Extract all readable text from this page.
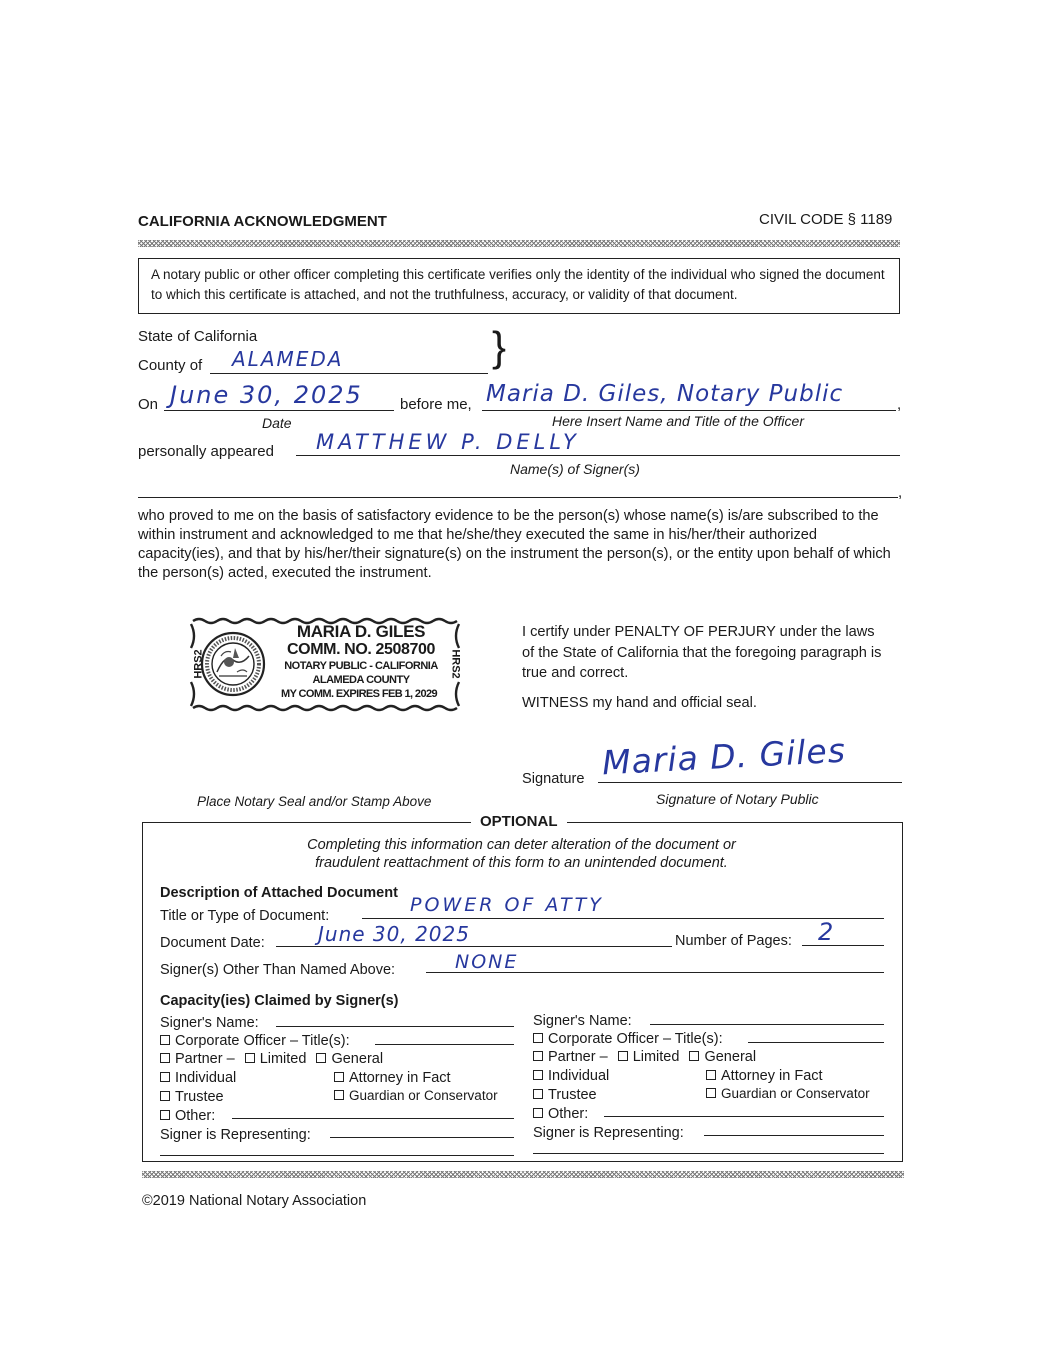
CALIFORNIA ACKNOWLEDGMENT	CIVIL CODE § 1189
A notary public or other officer completing this certificate verifies only the identity of the individual who signed the document to which this certificate is attached, and not the truthfulness, accuracy, or validity of that document.
State of California
County of ALAMEDA	}
On June 30, 2025 before me,	,
Maria D. Giles, Notary Public
Date	Here Insert Name and Title of the Officer
personally appeared MATTHEW P. DELLY
Name(s) of Signer(s)
,
who proved to me on the basis of satisfactory evidence to be the person(s) whose name(s) is/are subscribed to the within instrument and acknowledged to me that he/she/they executed the same in his/her/their authorized capacity(ies), and that by his/her/their signature(s) on the instrument the person(s), or the entity upon behalf of which the person(s) acted, executed the instrument.
HRS2	HRS2
MARIA D. GILES
COMM. NO. 2508700
NOTARY PUBLIC - CALIFORNIA
ALAMEDA COUNTY
MY COMM. EXPIRES FEB 1, 2029
Place Notary Seal and/or Stamp Above
I certify under PENALTY OF PERJURY under the laws of the State of California that the foregoing paragraph is true and correct.
WITNESS my hand and official seal.
Signature Maria D. Giles
Signature of Notary Public
OPTIONAL
Completing this information can deter alteration of the document or
fraudulent reattachment of this form to an unintended document.
Description of Attached Document
Title or Type of Document:	POWER OF ATTY
Document Date:	June 30, 2025	Number of Pages: 2
Signer(s) Other Than Named Above:	NONE
Capacity(ies) Claimed by Signer(s)
Signer's Name:
Corporate Officer – Title(s):
Partner – Limited General
Individual	Attorney in Fact
Trustee	Guardian or Conservator
Other:
Signer is Representing:
Signer's Name:
Corporate Officer – Title(s):
Partner – Limited General
Individual	Attorney in Fact
Trustee	Guardian or Conservator
Other:
Signer is Representing:
©2019 National Notary Association
